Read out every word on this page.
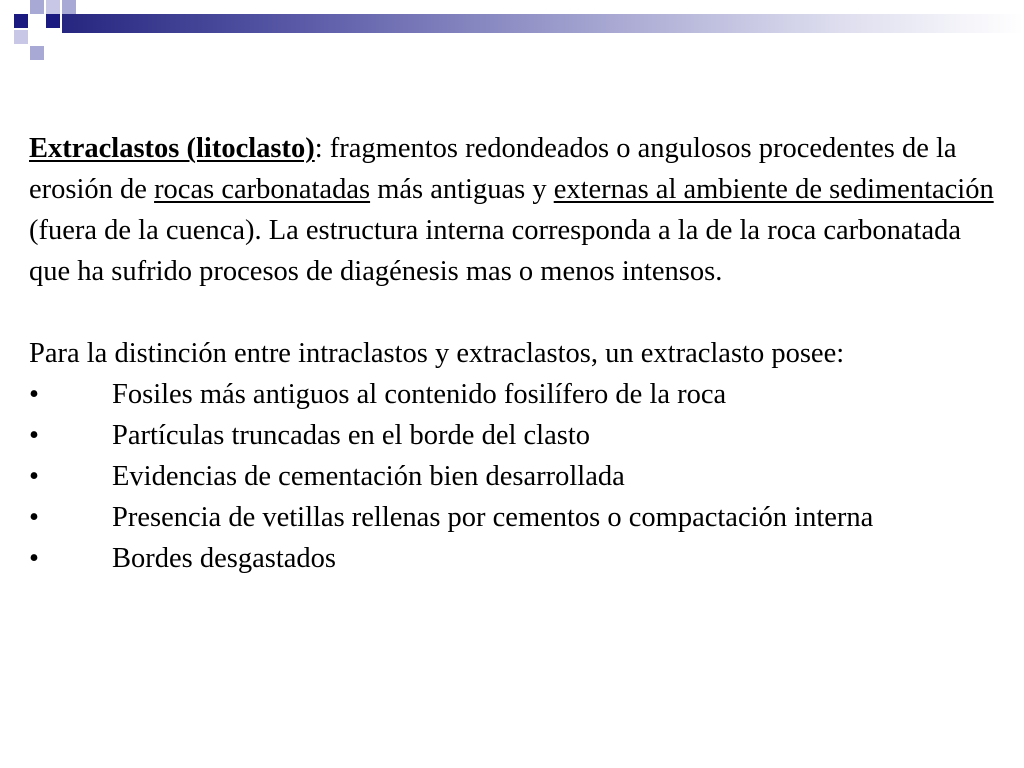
Extraclastos (litoclasto): fragmentos redondeados o angulosos procedentes de la erosión de rocas carbonatadas más antiguas y externas al ambiente de sedimentación (fuera de la cuenca). La estructura interna corresponda a la de la roca carbonatada que ha sufrido procesos de diagénesis mas o menos intensos.

Para la distinción entre intraclastos y extraclastos, un extraclasto posee:

•	Fosiles más antiguos al contenido fosilífero de la roca
•	Partículas truncadas en el borde del clasto
•	Evidencias de cementación bien desarrollada
•	Presencia de vetillas rellenas por cementos o compactación interna
•	Bordes desgastados
